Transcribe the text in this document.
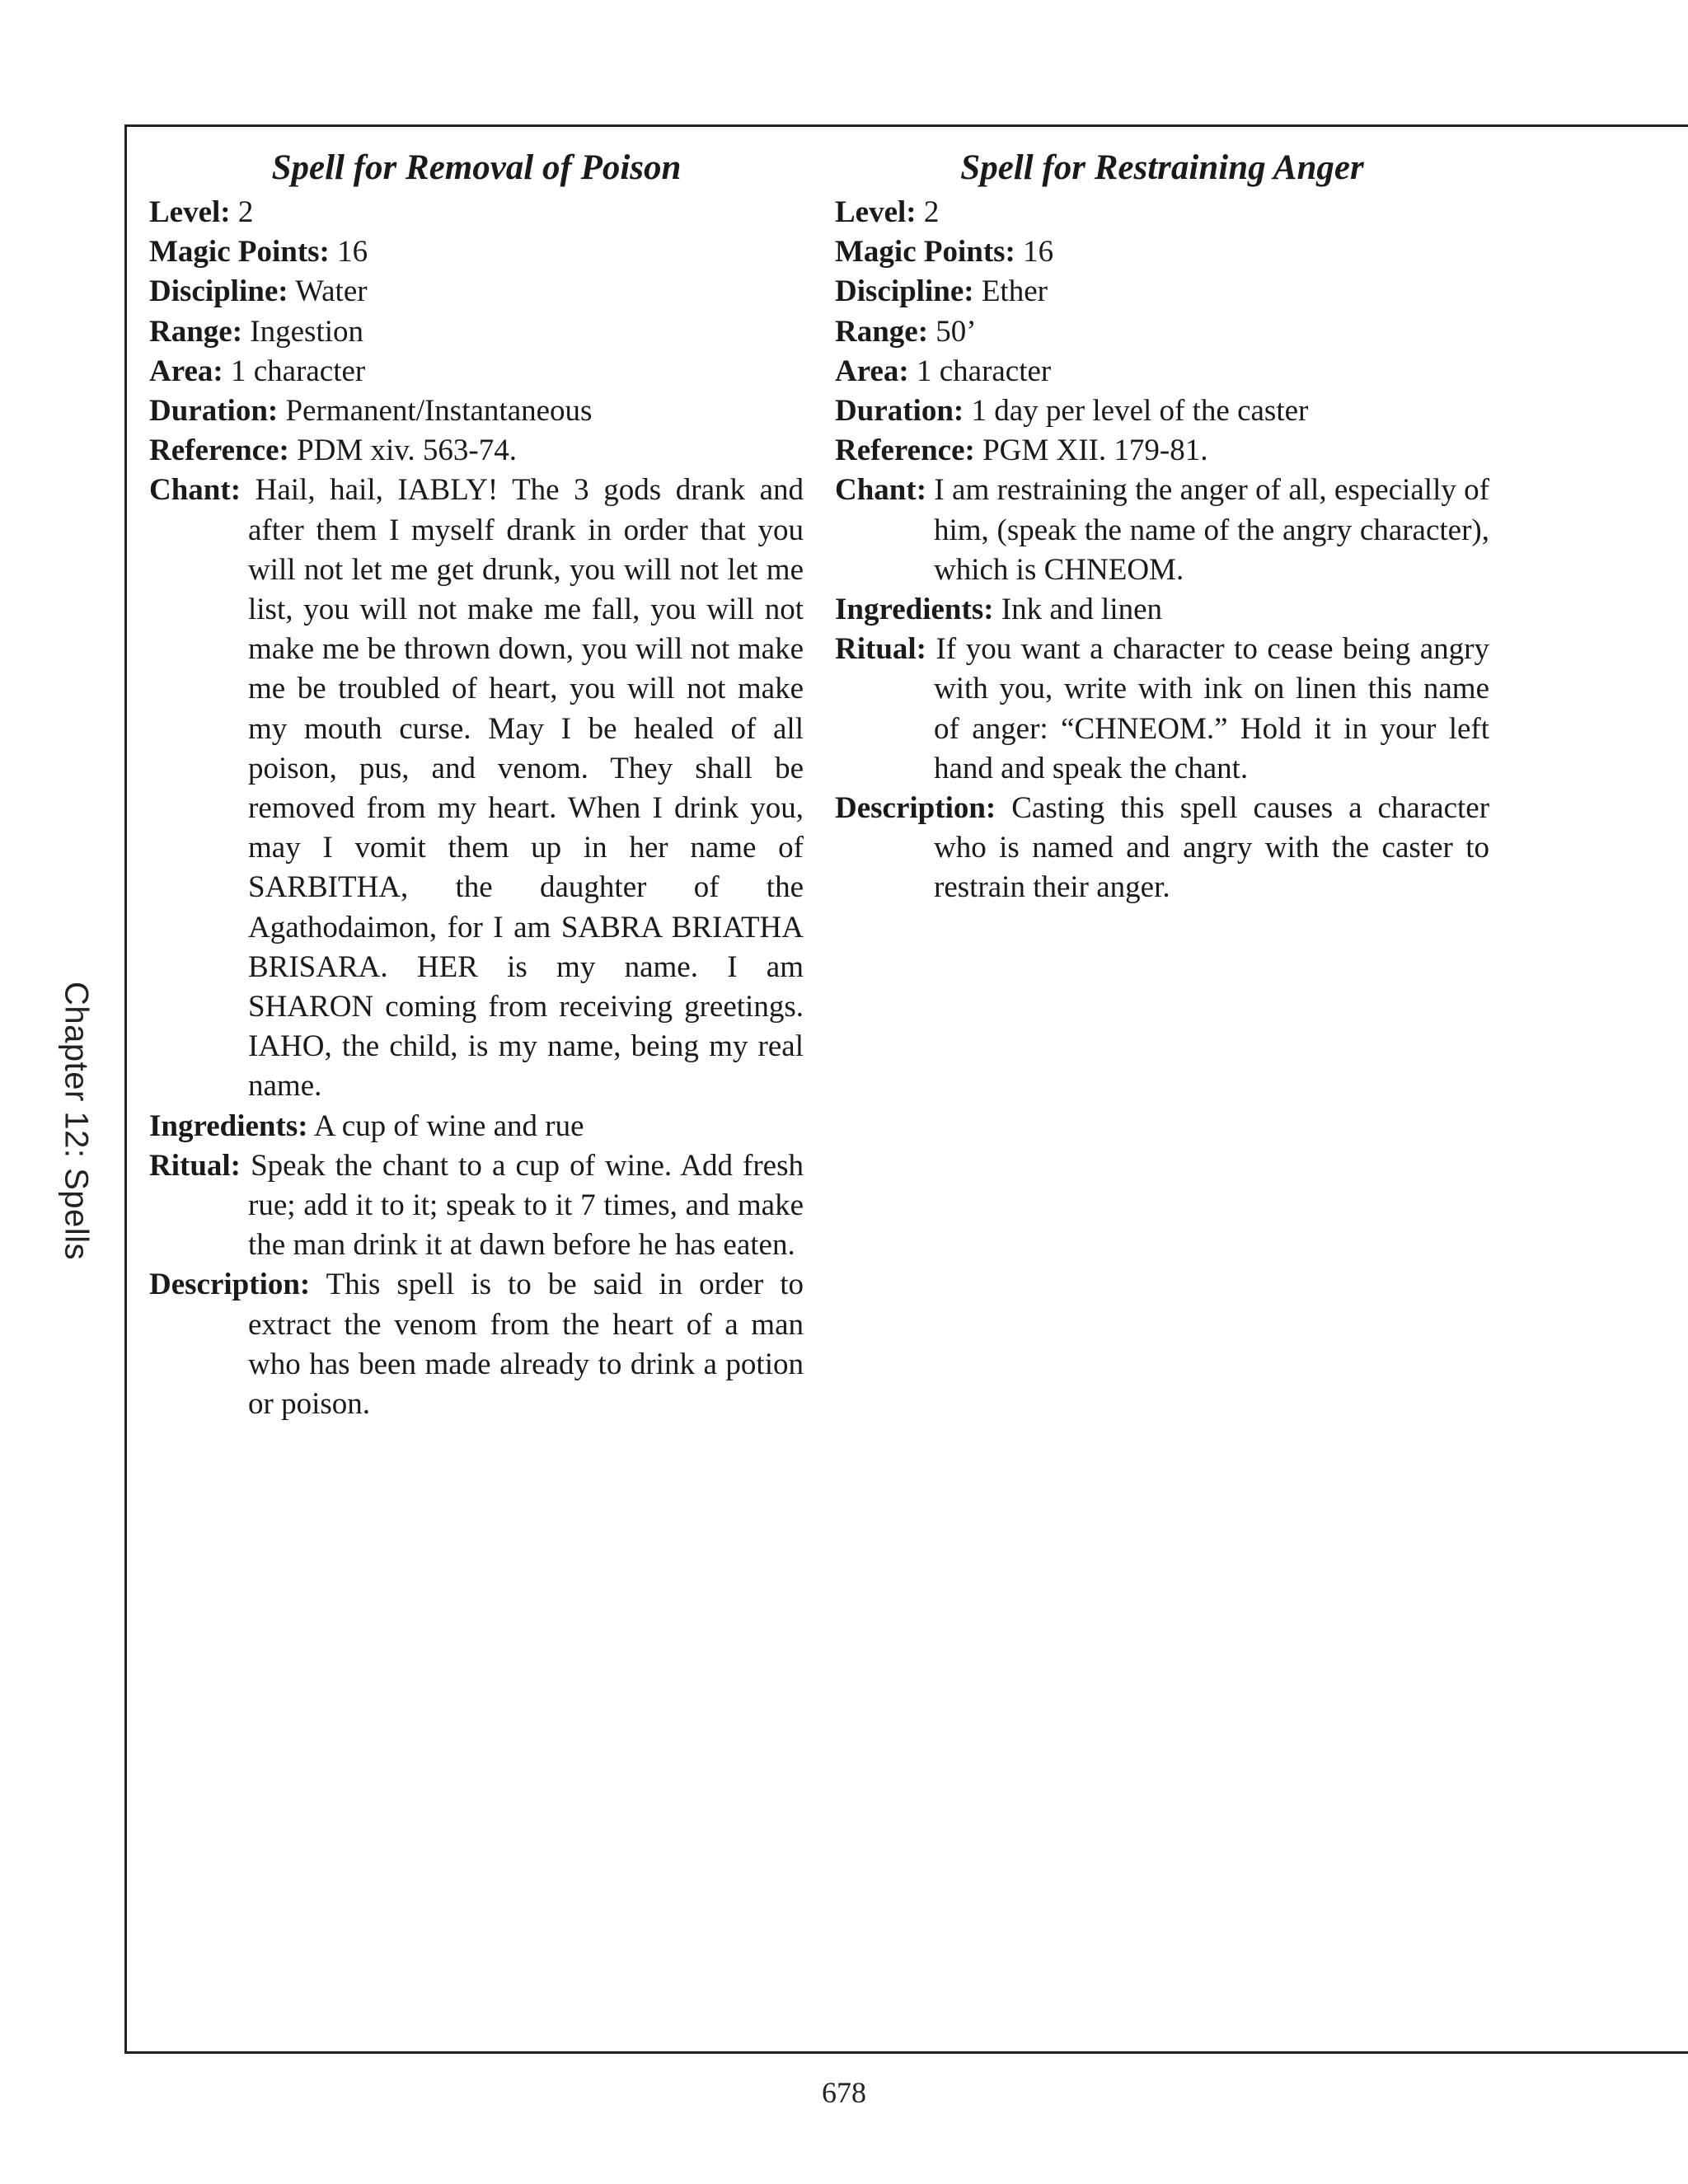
Chapter 12: Spells
Spell for Removal of Poison

Level: 2

Magic Points: 16

Discipline: Water

Range: Ingestion

Area: 1 character

Duration: Permanent/Instantaneous

Reference: PDM xiv. 563-74.

Chant: Hail, hail, IABLY! The 3 gods drank and after them I myself drank in order that you will not let me get drunk, you will not let me list, you will not make me fall, you will not make me be thrown down, you will not make me be troubled of heart, you will not make my mouth curse. May I be healed of all poison, pus, and venom. They shall be removed from my heart. When I drink you, may I vomit them up in her name of SARBITHA, the daughter of the Agathodaimon, for I am SABRA BRIATHA BRISARA. HER is my name. I am SHARON coming from receiving greetings. IAHO, the child, is my name, being my real name.

Ingredients: A cup of wine and rue

Ritual: Speak the chant to a cup of wine. Add fresh rue; add it to it; speak to it 7 times, and make the man drink it at dawn before he has eaten.

Description: This spell is to be said in order to extract the venom from the heart of a man who has been made already to drink a potion or poison.

Spell for Restraining Anger

Level: 2

Magic Points: 16

Discipline: Ether

Range: 50’

Area: 1 character

Duration: 1 day per level of the caster

Reference: PGM XII. 179-81.

Chant: I am restraining the anger of all, especially of him, (speak the name of the angry character), which is CHNEOM.

Ingredients: Ink and linen

Ritual: If you want a character to cease being angry with you, write with ink on linen this name of anger: “CHNEOM.” Hold it in your left hand and speak the chant.

Description: Casting this spell causes a character who is named and angry with the caster to restrain their anger.

678
